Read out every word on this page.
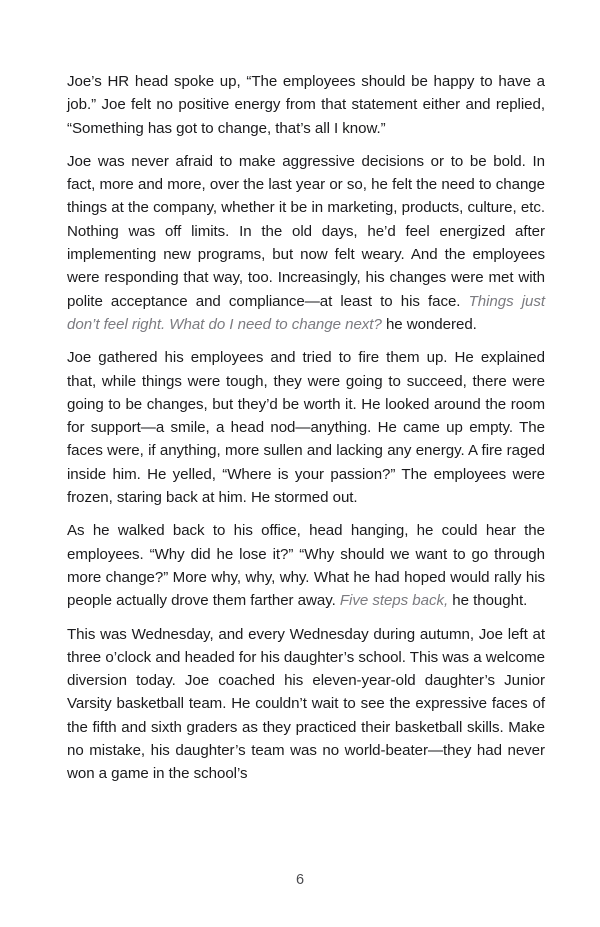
Joe’s HR head spoke up, “The employees should be happy to have a job.” Joe felt no positive energy from that statement either and replied, “Something has got to change, that’s all I know.”

Joe was never afraid to make aggressive decisions or to be bold. In fact, more and more, over the last year or so, he felt the need to change things at the company, whether it be in marketing, products, culture, etc. Nothing was off limits. In the old days, he’d feel energized after implementing new programs, but now felt weary. And the employees were responding that way, too. Increasingly, his changes were met with polite acceptance and compliance—at least to his face. Things just don’t feel right. What do I need to change next? he wondered.

Joe gathered his employees and tried to fire them up. He explained that, while things were tough, they were going to succeed, there were going to be changes, but they’d be worth it. He looked around the room for support—a smile, a head nod—anything. He came up empty. The faces were, if anything, more sullen and lacking any energy. A fire raged inside him. He yelled, “Where is your passion?” The employees were frozen, staring back at him. He stormed out.

As he walked back to his office, head hanging, he could hear the employees. “Why did he lose it?” “Why should we want to go through more change?” More why, why, why. What he had hoped would rally his people actually drove them farther away. Five steps back, he thought.

This was Wednesday, and every Wednesday during autumn, Joe left at three o’clock and headed for his daughter’s school. This was a welcome diversion today. Joe coached his eleven-year-old daughter’s Junior Varsity basketball team. He couldn’t wait to see the expressive faces of the fifth and sixth graders as they practiced their basketball skills. Make no mistake, his daughter’s team was no world-beater—they had never won a game in the school’s

6
